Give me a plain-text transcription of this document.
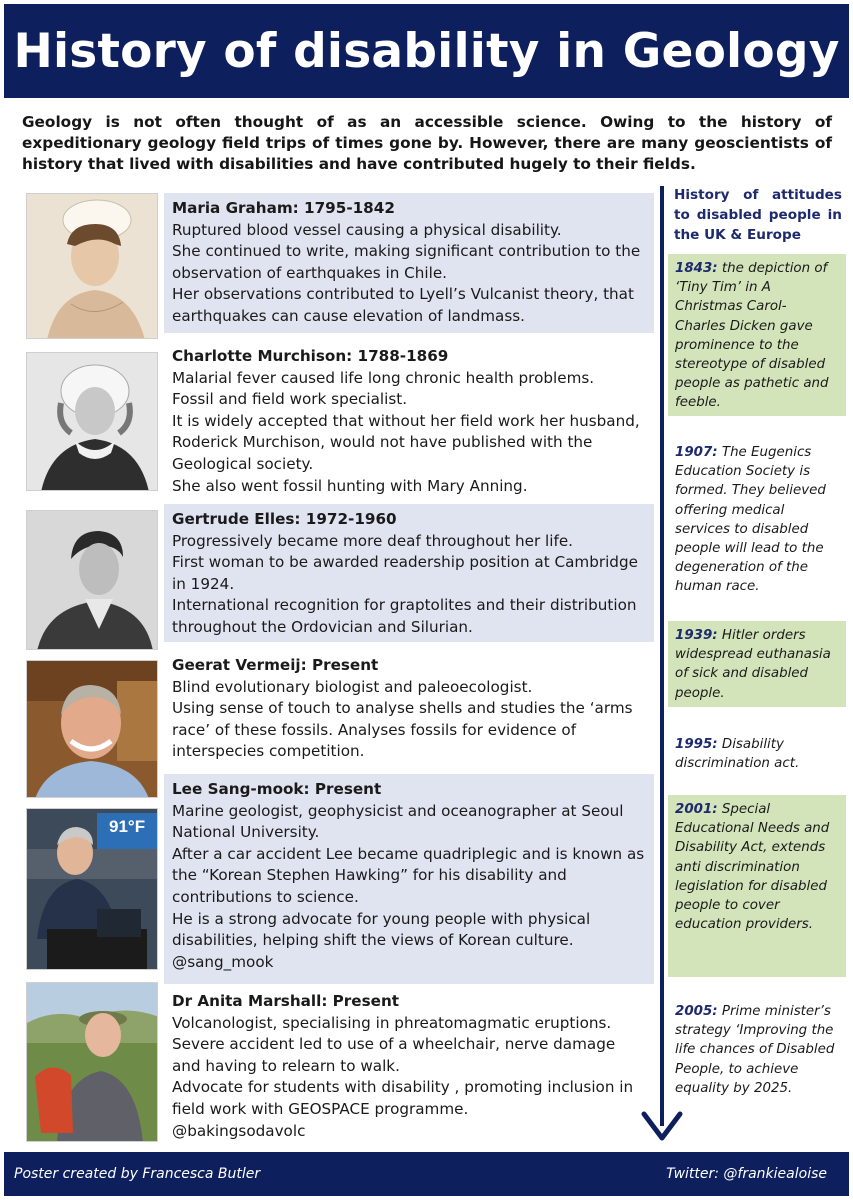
History of disability in Geology

Geology is not often thought of as an accessible science. Owing to the history of expeditionary geology field trips of times gone by. However, there are many geoscientists of history that lived with disabilities and have contributed hugely to their fields.

Maria Graham: 1795-1842

Ruptured blood vessel causing a physical disability.

She continued to write, making significant contribution to the observation of earthquakes in Chile.

Her observations contributed to Lyell’s Vulcanist theory, that earthquakes can cause elevation of landmass.

Charlotte Murchison: 1788-1869

Malarial fever caused life long chronic health problems.

Fossil and field work specialist.

It is widely accepted that without her field work her husband, Roderick Murchison, would not have published with the Geological society.

She also went fossil hunting with Mary Anning.

Gertrude Elles: 1972-1960

Progressively became more deaf throughout her life.

First woman to be awarded readership position at Cambridge in 1924.

International recognition for graptolites and their distribution throughout the Ordovician and Silurian.

Geerat Vermeij: Present

Blind evolutionary biologist and paleoecologist.

Using sense of touch to analyse shells and studies the ‘arms race’ of these fossils. Analyses fossils for evidence of interspecies competition.

91°F

Lee Sang-mook: Present

Marine geologist, geophysicist and oceanographer at Seoul National University.

After a car accident Lee became quadriplegic and is known as the “Korean Stephen Hawking” for his disability and contributions to science.

He is a strong advocate for young people with physical disabilities, helping shift the views of Korean culture.

@sang_mook

Dr Anita Marshall: Present

Volcanologist, specialising in phreatomagmatic eruptions.

Severe accident led to use of a wheelchair, nerve damage and having to relearn to walk.

Advocate for students with disability , promoting inclusion in field work with GEOSPACE programme.

@bakingsodavolc

History of attitudes to disabled people in the UK & Europe

1843: the depiction of ‘Tiny Tim’ in A Christmas Carol- Charles Dicken gave prominence to the stereotype of disabled people as pathetic and feeble.
1907: The Eugenics Education Society is formed. They believed offering medical services to disabled people will lead to the degeneration of the human race.
1939: Hitler orders widespread euthanasia of sick and disabled people.
1995: Disability discrimination act.
2001: Special Educational Needs and Disability Act, extends anti discrimination legislation for disabled people to cover education providers.
2005: Prime minister’s strategy ‘Improving the life chances of Disabled People, to achieve equality by 2025.
Poster created by Francesca Butler	Twitter: @frankiealoise
